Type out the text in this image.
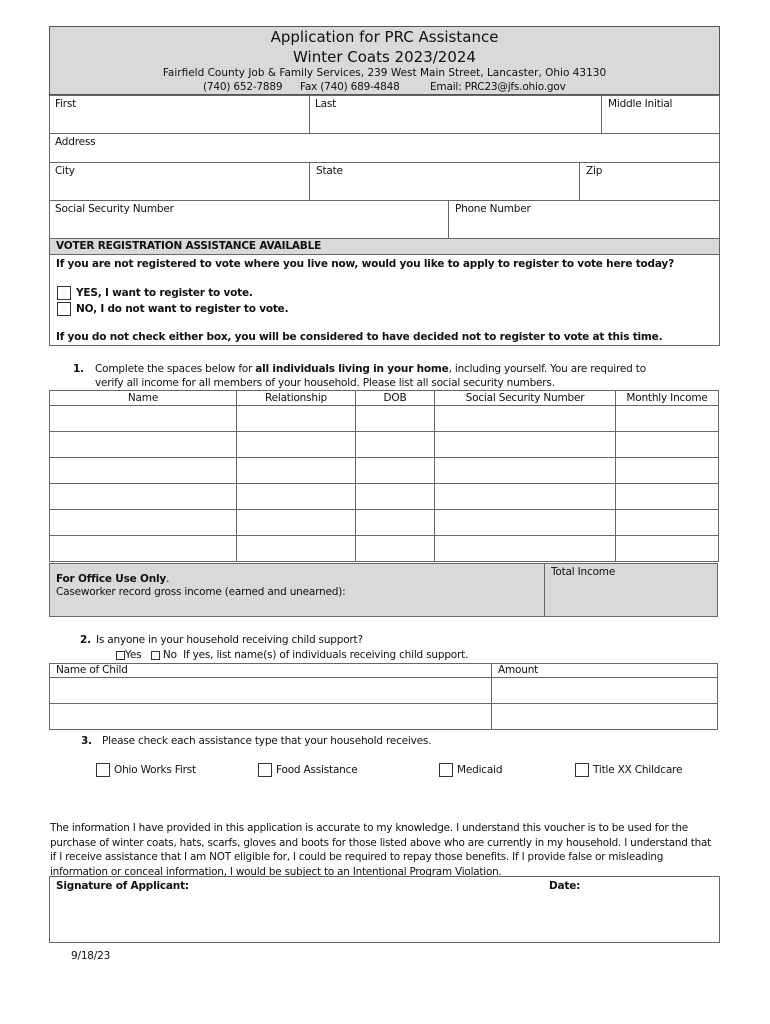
Application for PRC Assistance
Winter Coats 2023/2024
Fairfield County Job & Family Services, 239 West Main Street, Lancaster, Ohio 43130
(740) 652-7889 Fax (740) 689-4848	Email: PRC23@jfs.ohio.gov
First	Last	Middle Initial
Address
City	State	Zip
Social Security Number	Phone Number
VOTER REGISTRATION ASSISTANCE AVAILABLE
If you are not registered to vote where you live now, would you like to apply to register to vote here today?
YES, I want to register to vote.
NO, I do not want to register to vote.
If you do not check either box, you will be considered to have decided not to register to vote at this time.
1. Complete the spaces below for all individuals living in your home, including yourself. You are required to
verify all income for all members of your household. Please list all social security numbers.
Name	Relationship	DOB	Social Security Number	Monthly Income
For Office Use Only.
Caseworker record gross income (earned and unearned):
Total Income
2. Is anyone in your household receiving child support?
Yes No If yes, list name(s) of individuals receiving child support.
Name of Child	Amount
3. Please check each assistance type that your household receives.
Ohio Works First	Food Assistance	Medicaid	Title XX Childcare
The information I have provided in this application is accurate to my knowledge. I understand this voucher is to be used for the
purchase of winter coats, hats, scarfs, gloves and boots for those listed above who are currently in my household. I understand that
if I receive assistance that I am NOT eligible for, I could be required to repay those benefits. If I provide false or misleading
information or conceal information, I would be subject to an Intentional Program Violation.
Signature of Applicant:	Date:
9/18/23
